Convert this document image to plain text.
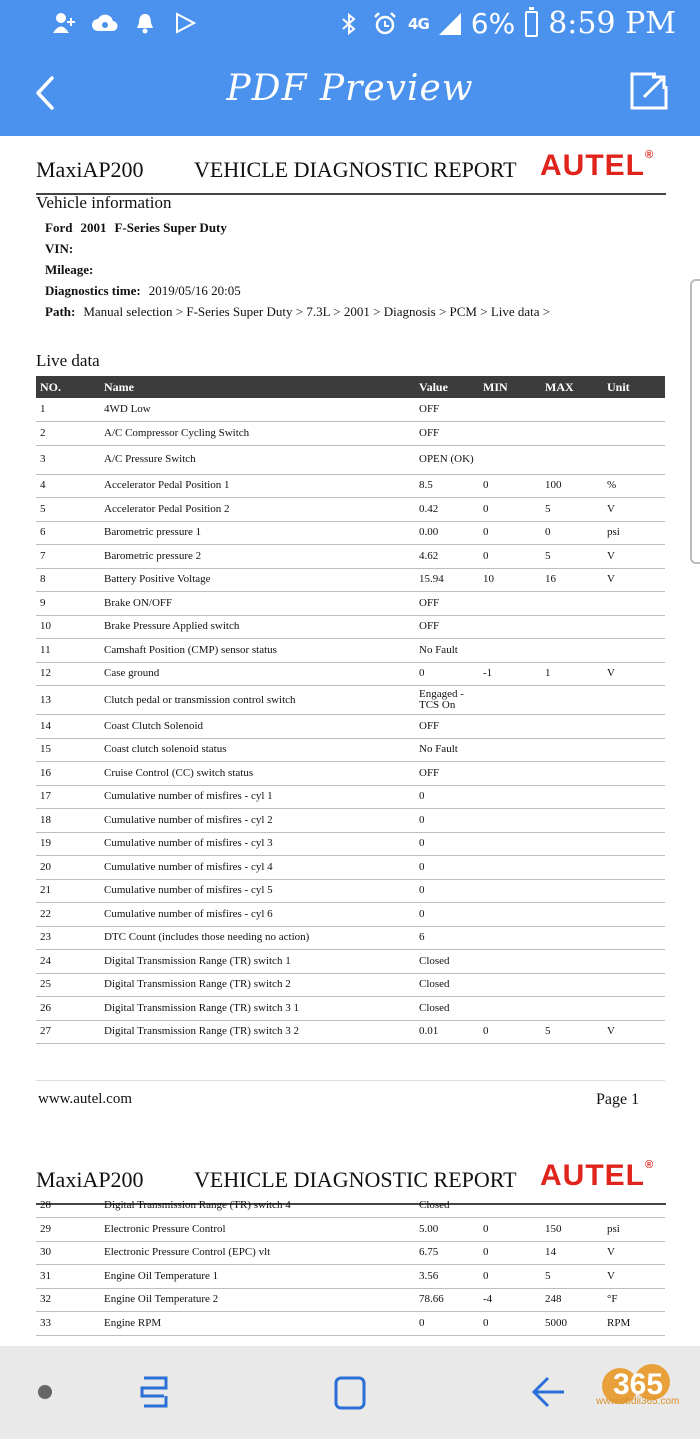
4G 6% 8:59 PM
PDF Preview
MaxiAP200 VEHICLE DIAGNOSTIC REPORT AUTEL®
Vehicle information
Ford 2001 F-Series Super Duty
VIN:
Mileage:
Diagnostics time: 2019/05/16 20:05
Path: Manual selection > F-Series Super Duty > 7.3L > 2001 > Diagnosis > PCM > Live data >
Live data
NO.	Name	Value	MIN	MAX	Unit
1	4WD Low	OFF			
2	A/C Compressor Cycling Switch	OFF			
3	A/C Pressure Switch	OPEN (OK)			
4	Accelerator Pedal Position 1	8.5	0	100	%
5	Accelerator Pedal Position 2	0.42	0	5	V
6	Barometric pressure 1	0.00	0	0	psi
7	Barometric pressure 2	4.62	0	5	V
8	Battery Positive Voltage	15.94	10	16	V
9	Brake ON/OFF	OFF			
10	Brake Pressure Applied switch	OFF			
11	Camshaft Position (CMP) sensor status	No Fault			
12	Case ground	0	-1	1	V
13	Clutch pedal or transmission control switch	Engaged - TCS On			
14	Coast Clutch Solenoid	OFF			
15	Coast clutch solenoid status	No Fault			
16	Cruise Control (CC) switch status	OFF			
17	Cumulative number of misfires - cyl 1	0			
18	Cumulative number of misfires - cyl 2	0			
19	Cumulative number of misfires - cyl 3	0			
20	Cumulative number of misfires - cyl 4	0			
21	Cumulative number of misfires - cyl 5	0			
22	Cumulative number of misfires - cyl 6	0			
23	DTC Count (includes those needing no action)	6			
24	Digital Transmission Range (TR) switch 1	Closed			
25	Digital Transmission Range (TR) switch 2	Closed			
26	Digital Transmission Range (TR) switch 3 1	Closed			
27	Digital Transmission Range (TR) switch 3 2	0.01	0	5	V
www.autel.com	Page 1
MaxiAP200 VEHICLE DIAGNOSTIC REPORT AUTEL®
28	Digital Transmission Range (TR) switch 4	Closed			
29	Electronic Pressure Control	5.00	0	150	psi
30	Electronic Pressure Control (EPC) vlt	6.75	0	14	V
31	Engine Oil Temperature 1	3.56	0	5	V
32	Engine Oil Temperature 2	78.66	-4	248	°F
33	Engine RPM	0	0	5000	RPM
365
www.obdii365.com
